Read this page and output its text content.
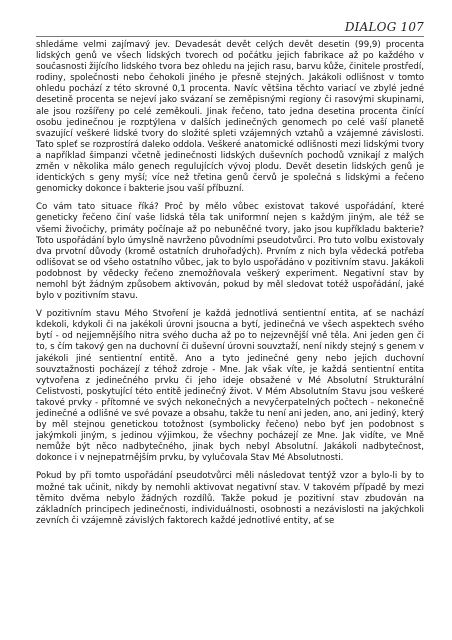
DIALOG 107

shledáme velmi zajímavý jev. Devadesát devět celých devět desetin (99,9) procenta lidských genů ve všech lidských tvorech od počátku jejich fabrikace až po každého v současnosti žijícího lidského tvora bez ohledu na jejich rasu, barvu kůže, činitele prostředí, rodiny, společnosti nebo čehokoli jiného je přesně stejných. Jakákoli odlišnost v tomto ohledu pochází z této skrovné 0,1 procenta. Navíc většina těchto variací ve zbylé jedné desetině procenta se nejeví jako svázaní se zeměpisnými regiony či rasovými skupinami, ale jsou rozšířeny po celé zeměkouli. Jinak řečeno, tato jedna desetina procenta činící osobu jedinečnou je rozptýlena v dalších jedinečných genomech po celé vaší planetě svazující veškeré lidské tvory do složité spleti vzájemných vztahů a vzájemné závislosti. Tato spleť se rozprostírá daleko oddolа. Veškeré anatomické odlišnosti mezi lidskými tvory a například šimpanzi včetně jedinečnosti lidských duševních pochodů vznikají z malých změn v několika málo genech regulujících vývoj plodu. Devět desetin lidských genů je identických s geny myší; více než třetina genů červů je společná s lidskými a řečeno genomicky dokonce i bakterie jsou vaší příbuzní.

Co vám tato situace říká? Proč by mělo vůbec existovat takové uspořádání, které geneticky řečeno činí vaše lidská těla tak uniformní nejen s každým jiným, ale též se všemi živočichy, primáty počínaje až po nebuněčné tvory, jako jsou kupříkladu bakterie? Toto uspořádání bylo úmyslně navrženo původními pseudotvůrci. Pro tuto volbu existovaly dva prvotní důvody (kromě ostatních druhořadých). Prvním z nich byla vědecká potřeba odlišovat se od všeho ostatního vůbec, jak to bylo uspořádáno v pozitivním stavu. Jakákoli podobnost by vědecky řečeno znemožňovala veškerý experiment. Negativní stav by nemohl být žádným způsobem aktivován, pokud by měl sledovat totéž uspořádání, jaké bylo v pozitivním stavu.

V pozitivním stavu Mého Stvoření je každá jednotlivá sentientní entita, ať se nachází kdekoli, kdykoli či na jakékoli úrovni jsoucna a bytí, jedinečná ve všech aspektech svého bytí - od nejjemnějšího nitra svého ducha až po to nejzevnější vně těla. Ani jeden gen či to, s čím takový gen na duchovní či duševní úrovni souvztaží, není nikdy stejný s genem v jakékoli jiné sentientní entitě. Ano a tyto jedinečné geny nebo jejich duchovní souvztažnosti pocházejí z téhož zdroje - Mne. Jak však víte, je každá sentientní entita vytvořena z jedinečného prvku či jeho ideje obsažené v Mé Absolutní Strukturální Celistvosti, poskytující této entitě jedinečný život. V Mém Absolutním Stavu jsou veškeré takové prvky - přítomné ve svých nekonečných a nevyčerpatelných počtech - nekonečně jedinečné a odlišné ve své povaze a obsahu, takže tu není ani jeden, ano, ani jediný, který by měl stejnou genetickou totožnost (symbolicky řečeno) nebo byť jen podobnost s jakýmkoli jiným, s jedinou výjimkou, že všechny pocházejí ze Mne. Jak vidíte, ve Mně nemůže být něco nadbytečného, jinak bych nebyl Absolutní. Jakákoli nadbytečnost, dokonce i v nejnepatrnějším prvku, by vylučovala Stav Mé Absolutnosti.

Pokud by při tomto uspořádání pseudotvůrci měli následovat tentýž vzor a bylo-li by to možné tak učinit, nikdy by nemohli aktivovat negativní stav. V takovém případě by mezi těmito dvěma nebylo žádných rozdílů. Takže pokud je pozitivní stav zbudován na základních principech jedinečnosti, individuálnosti, osobnosti a nezávislosti na jakýchkoli zevních či vzájemně závislých faktorech každé jednotlivé entity, ať se
